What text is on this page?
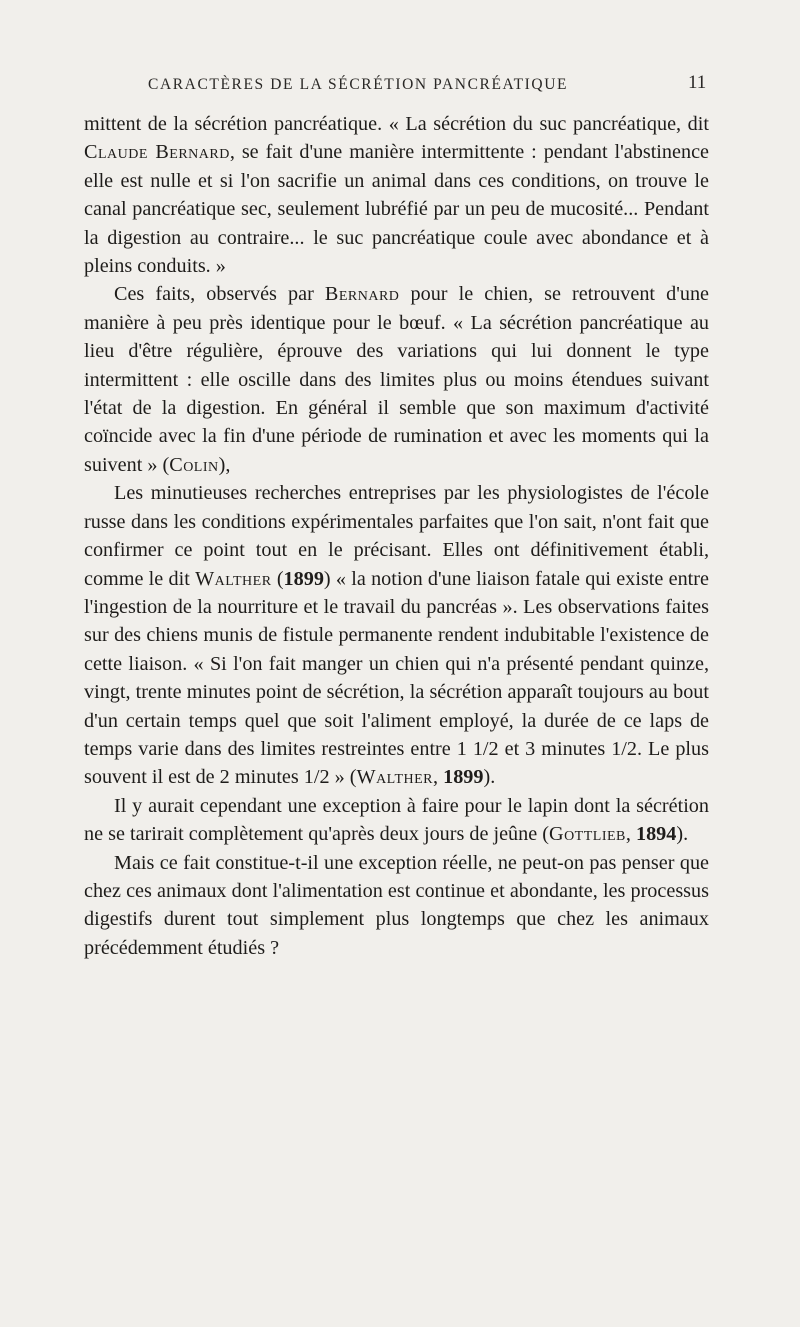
CARACTÈRES DE LA SÉCRÉTION PANCRÉATIQUE	11

mittent de la sécrétion pancréatique. « La sécrétion du suc pancréatique, dit Claude Bernard, se fait d'une manière intermittente : pendant l'abstinence elle est nulle et si l'on sacrifie un animal dans ces conditions, on trouve le canal pancréatique sec, seulement lubréfié par un peu de mucosité... Pendant la digestion au contraire... le suc pancréatique coule avec abondance et à pleins conduits. »

Ces faits, observés par Bernard pour le chien, se retrouvent d'une manière à peu près identique pour le bœuf. « La sécrétion pancréatique au lieu d'être régulière, éprouve des variations qui lui donnent le type intermittent : elle oscille dans des limites plus ou moins étendues suivant l'état de la digestion. En général il semble que son maximum d'activité coïncide avec la fin d'une période de rumination et avec les moments qui la suivent » (Colin),

Les minutieuses recherches entreprises par les physiologistes de l'école russe dans les conditions expérimentales parfaites que l'on sait, n'ont fait que confirmer ce point tout en le précisant. Elles ont définitivement établi, comme le dit Walther (1899) « la notion d'une liaison fatale qui existe entre l'ingestion de la nourriture et le travail du pancréas ». Les observations faites sur des chiens munis de fistule permanente rendent indubitable l'existence de cette liaison. « Si l'on fait manger un chien qui n'a présenté pendant quinze, vingt, trente minutes point de sécrétion, la sécrétion apparaît toujours au bout d'un certain temps quel que soit l'aliment employé, la durée de ce laps de temps varie dans des limites restreintes entre 1 1/2 et 3 minutes 1/2. Le plus souvent il est de 2 minutes 1/2 » (Walther, 1899).

Il y aurait cependant une exception à faire pour le lapin dont la sécrétion ne se tarirait complètement qu'après deux jours de jeûne (Gottlieb, 1894).

Mais ce fait constitue-t-il une exception réelle, ne peut-on pas penser que chez ces animaux dont l'alimentation est continue et abondante, les processus digestifs durent tout simplement plus longtemps que chez les animaux précédemment étudiés ?
